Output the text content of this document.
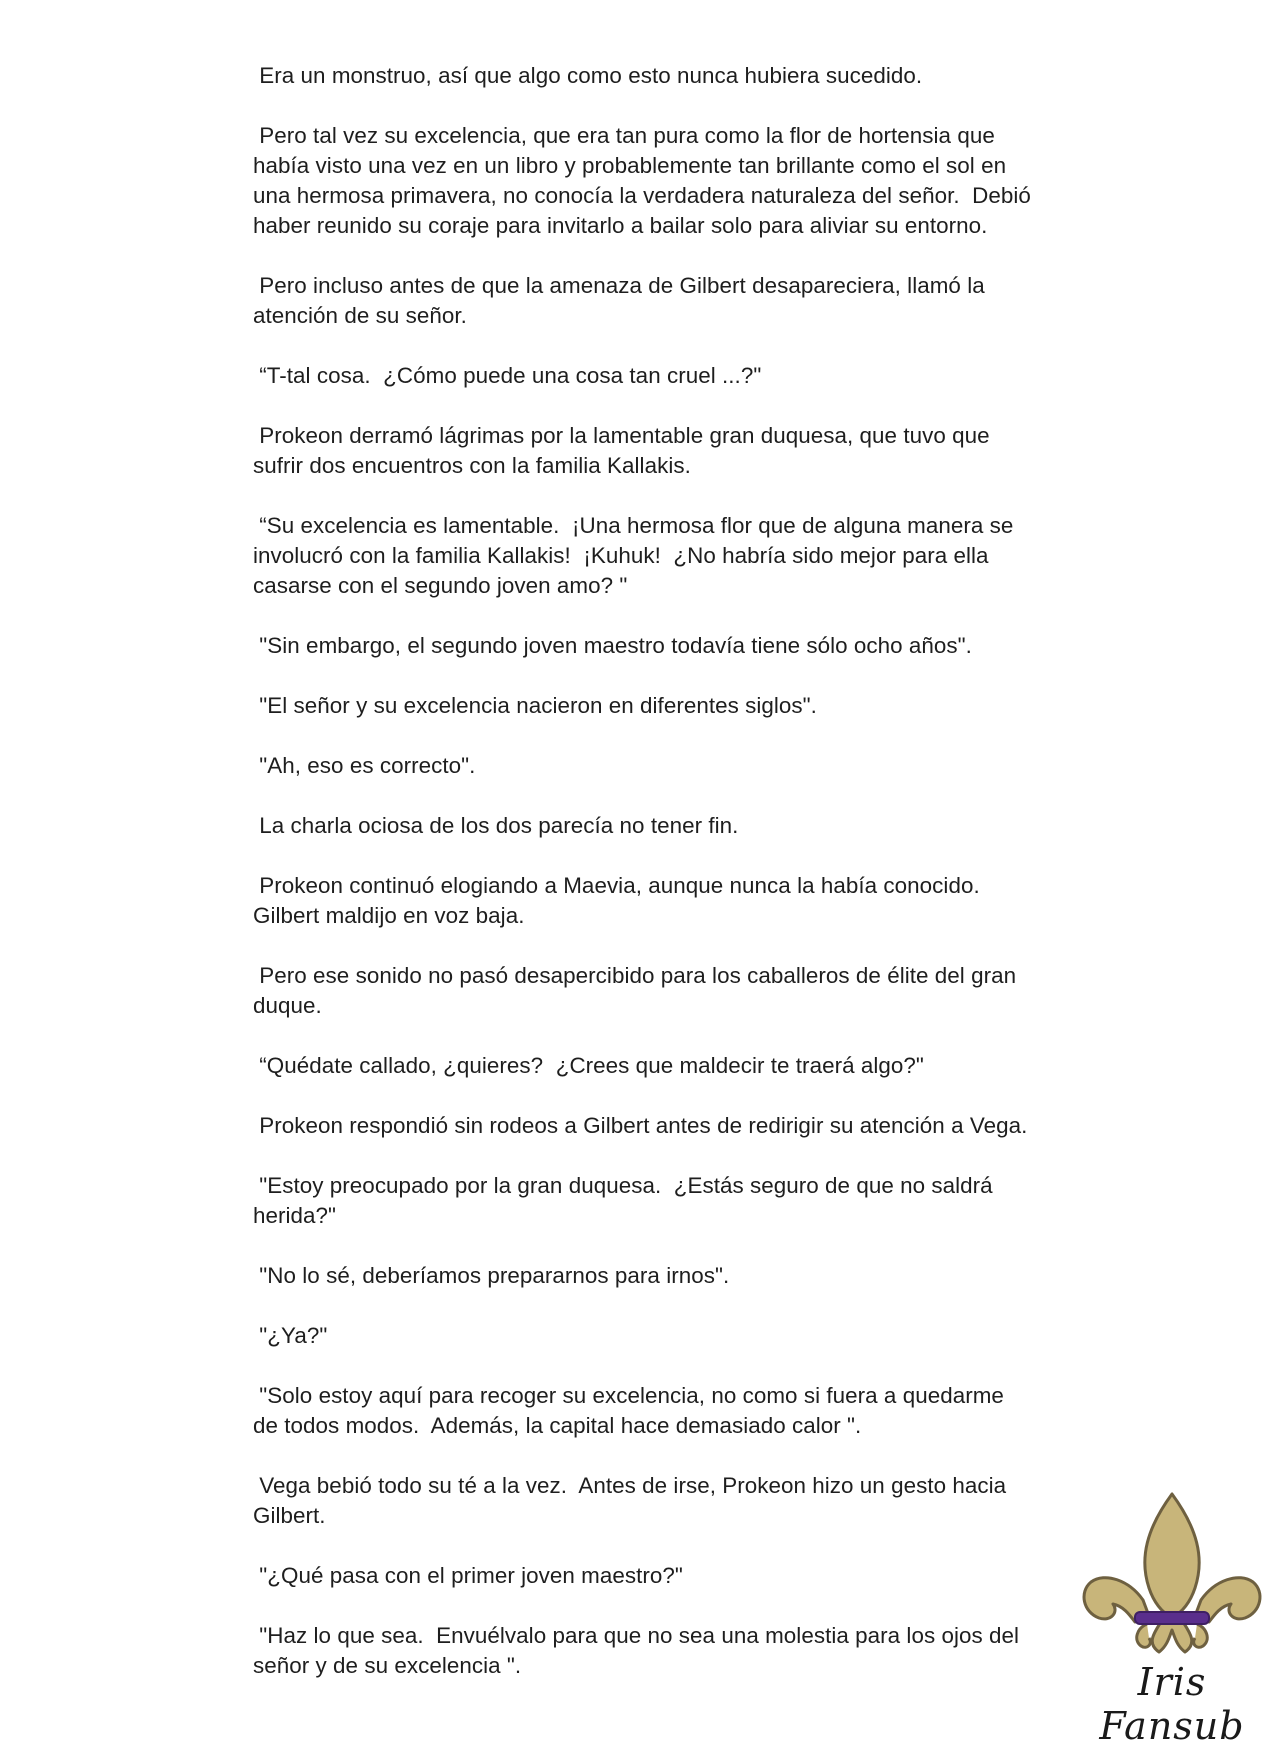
Era un monstruo, así que algo como esto nunca hubiera sucedido.

Pero tal vez su excelencia, que era tan pura como la flor de hortensia que
había visto una vez en un libro y probablemente tan brillante como el sol en
una hermosa primavera, no conocía la verdadera naturaleza del señor.  Debió
haber reunido su coraje para invitarlo a bailar solo para aliviar su entorno.

Pero incluso antes de que la amenaza de Gilbert desapareciera, llamó la
atención de su señor.

“T-tal cosa.  ¿Cómo puede una cosa tan cruel ...?"

Prokeon derramó lágrimas por la lamentable gran duquesa, que tuvo que
sufrir dos encuentros con la familia Kallakis.

“Su excelencia es lamentable.  ¡Una hermosa flor que de alguna manera se
involucró con la familia Kallakis!  ¡Kuhuk!  ¿No habría sido mejor para ella
casarse con el segundo joven amo? "

"Sin embargo, el segundo joven maestro todavía tiene sólo ocho años".

"El señor y su excelencia nacieron en diferentes siglos".

"Ah, eso es correcto".

La charla ociosa de los dos parecía no tener fin.

Prokeon continuó elogiando a Maevia, aunque nunca la había conocido.
Gilbert maldijo en voz baja.

Pero ese sonido no pasó desapercibido para los caballeros de élite del gran
duque.

“Quédate callado, ¿quieres?  ¿Crees que maldecir te traerá algo?"

Prokeon respondió sin rodeos a Gilbert antes de redirigir su atención a Vega.

"Estoy preocupado por la gran duquesa.  ¿Estás seguro de que no saldrá
herida?"

"No lo sé, deberíamos prepararnos para irnos".

"¿Ya?"

"Solo estoy aquí para recoger su excelencia, no como si fuera a quedarme
de todos modos.  Además, la capital hace demasiado calor ".

Vega bebió todo su té a la vez.  Antes de irse, Prokeon hizo un gesto hacia
Gilbert.

"¿Qué pasa con el primer joven maestro?"

"Haz lo que sea.  Envuélvalo para que no sea una molestia para los ojos del
señor y de su excelencia ".	Iris Fansub
